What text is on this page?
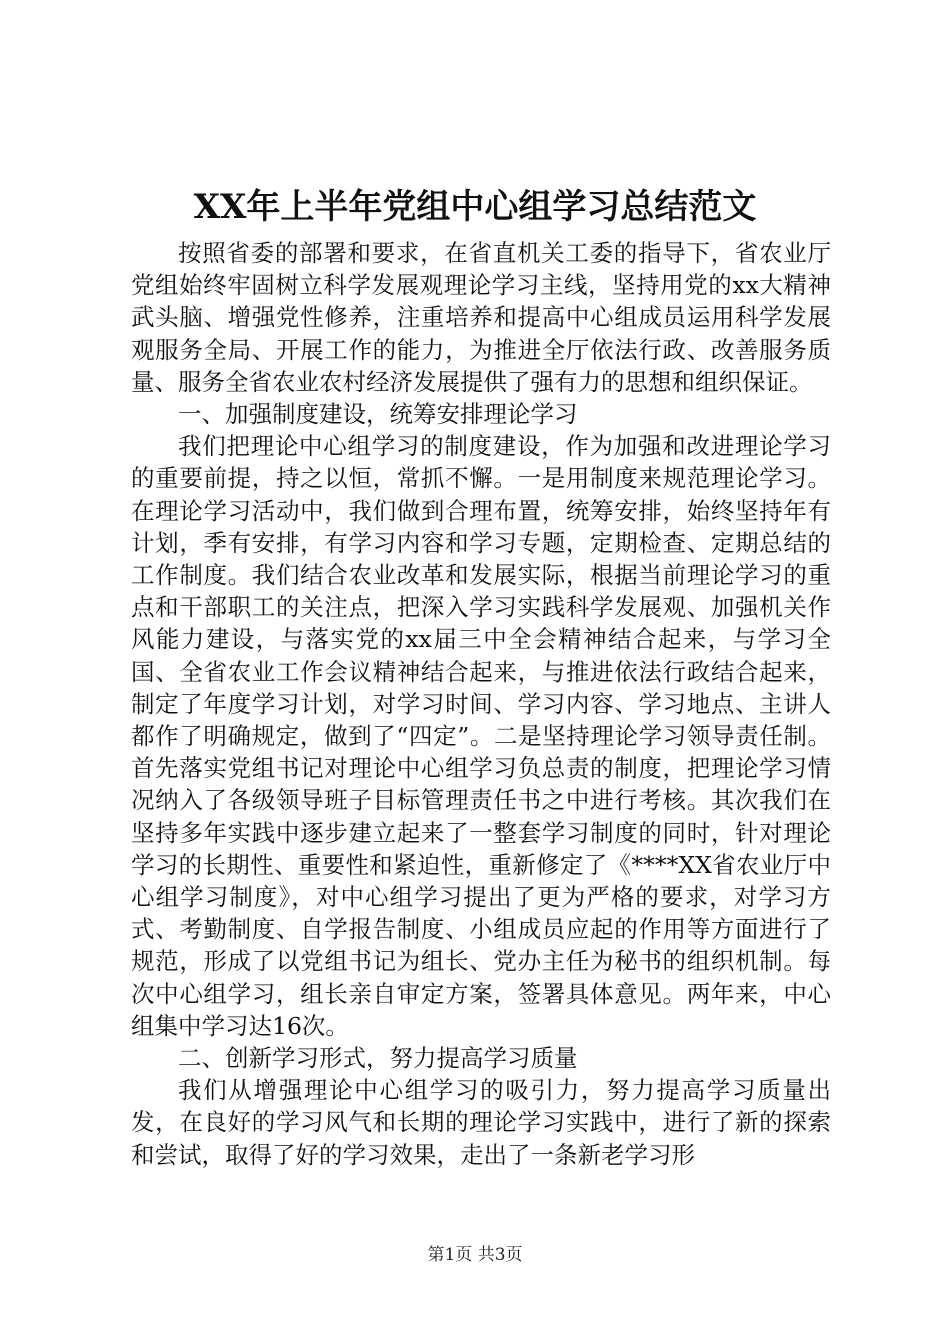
XX年上半年党组中心组学习总结范文

按照省委的部署和要求，在省直机关工委的指导下，省农业厅党组始终牢固树立科学发展观理论学习主线，坚持用党的xx大精神武头脑、增强党性修养，注重培养和提高中心组成员运用科学发展观服务全局、开展工作的能力，为推进全厅依法行政、改善服务质量、服务全省农业农村经济发展提供了强有力的思想和组织保证。

一、加强制度建设，统筹安排理论学习

我们把理论中心组学习的制度建设，作为加强和改进理论学习的重要前提，持之以恒，常抓不懈。一是用制度来规范理论学习。在理论学习活动中，我们做到合理布置，统筹安排，始终坚持年有计划，季有安排，有学习内容和学习专题，定期检查、定期总结的工作制度。我们结合农业改革和发展实际，根据当前理论学习的重点和干部职工的关注点，把深入学习实践科学发展观、加强机关作风能力建设，与落实党的xx届三中全会精神结合起来，与学习全国、全省农业工作会议精神结合起来，与推进依法行政结合起来，制定了年度学习计划，对学习时间、学习内容、学习地点、主讲人都作了明确规定，做到了“四定”。二是坚持理论学习领导责任制。首先落实党组书记对理论中心组学习负总责的制度，把理论学习情况纳入了各级领导班子目标管理责任书之中进行考核。其次我们在坚持多年实践中逐步建立起来了一整套学习制度的同时，针对理论学习的长期性、重要性和紧迫性，重新修定了《****XX省农业厅中心组学习制度》，对中心组学习提出了更为严格的要求，对学习方式、考勤制度、自学报告制度、小组成员应起的作用等方面进行了规范，形成了以党组书记为组长、党办主任为秘书的组织机制。每次中心组学习，组长亲自审定方案，签署具体意见。两年来，中心组集中学习达16次。

二、创新学习形式，努力提高学习质量

我们从增强理论中心组学习的吸引力，努力提高学习质量出发，在良好的学习风气和长期的理论学习实践中，进行了新的探索和尝试，取得了好的学习效果，走出了一条新老学习形

第1页 共3页
